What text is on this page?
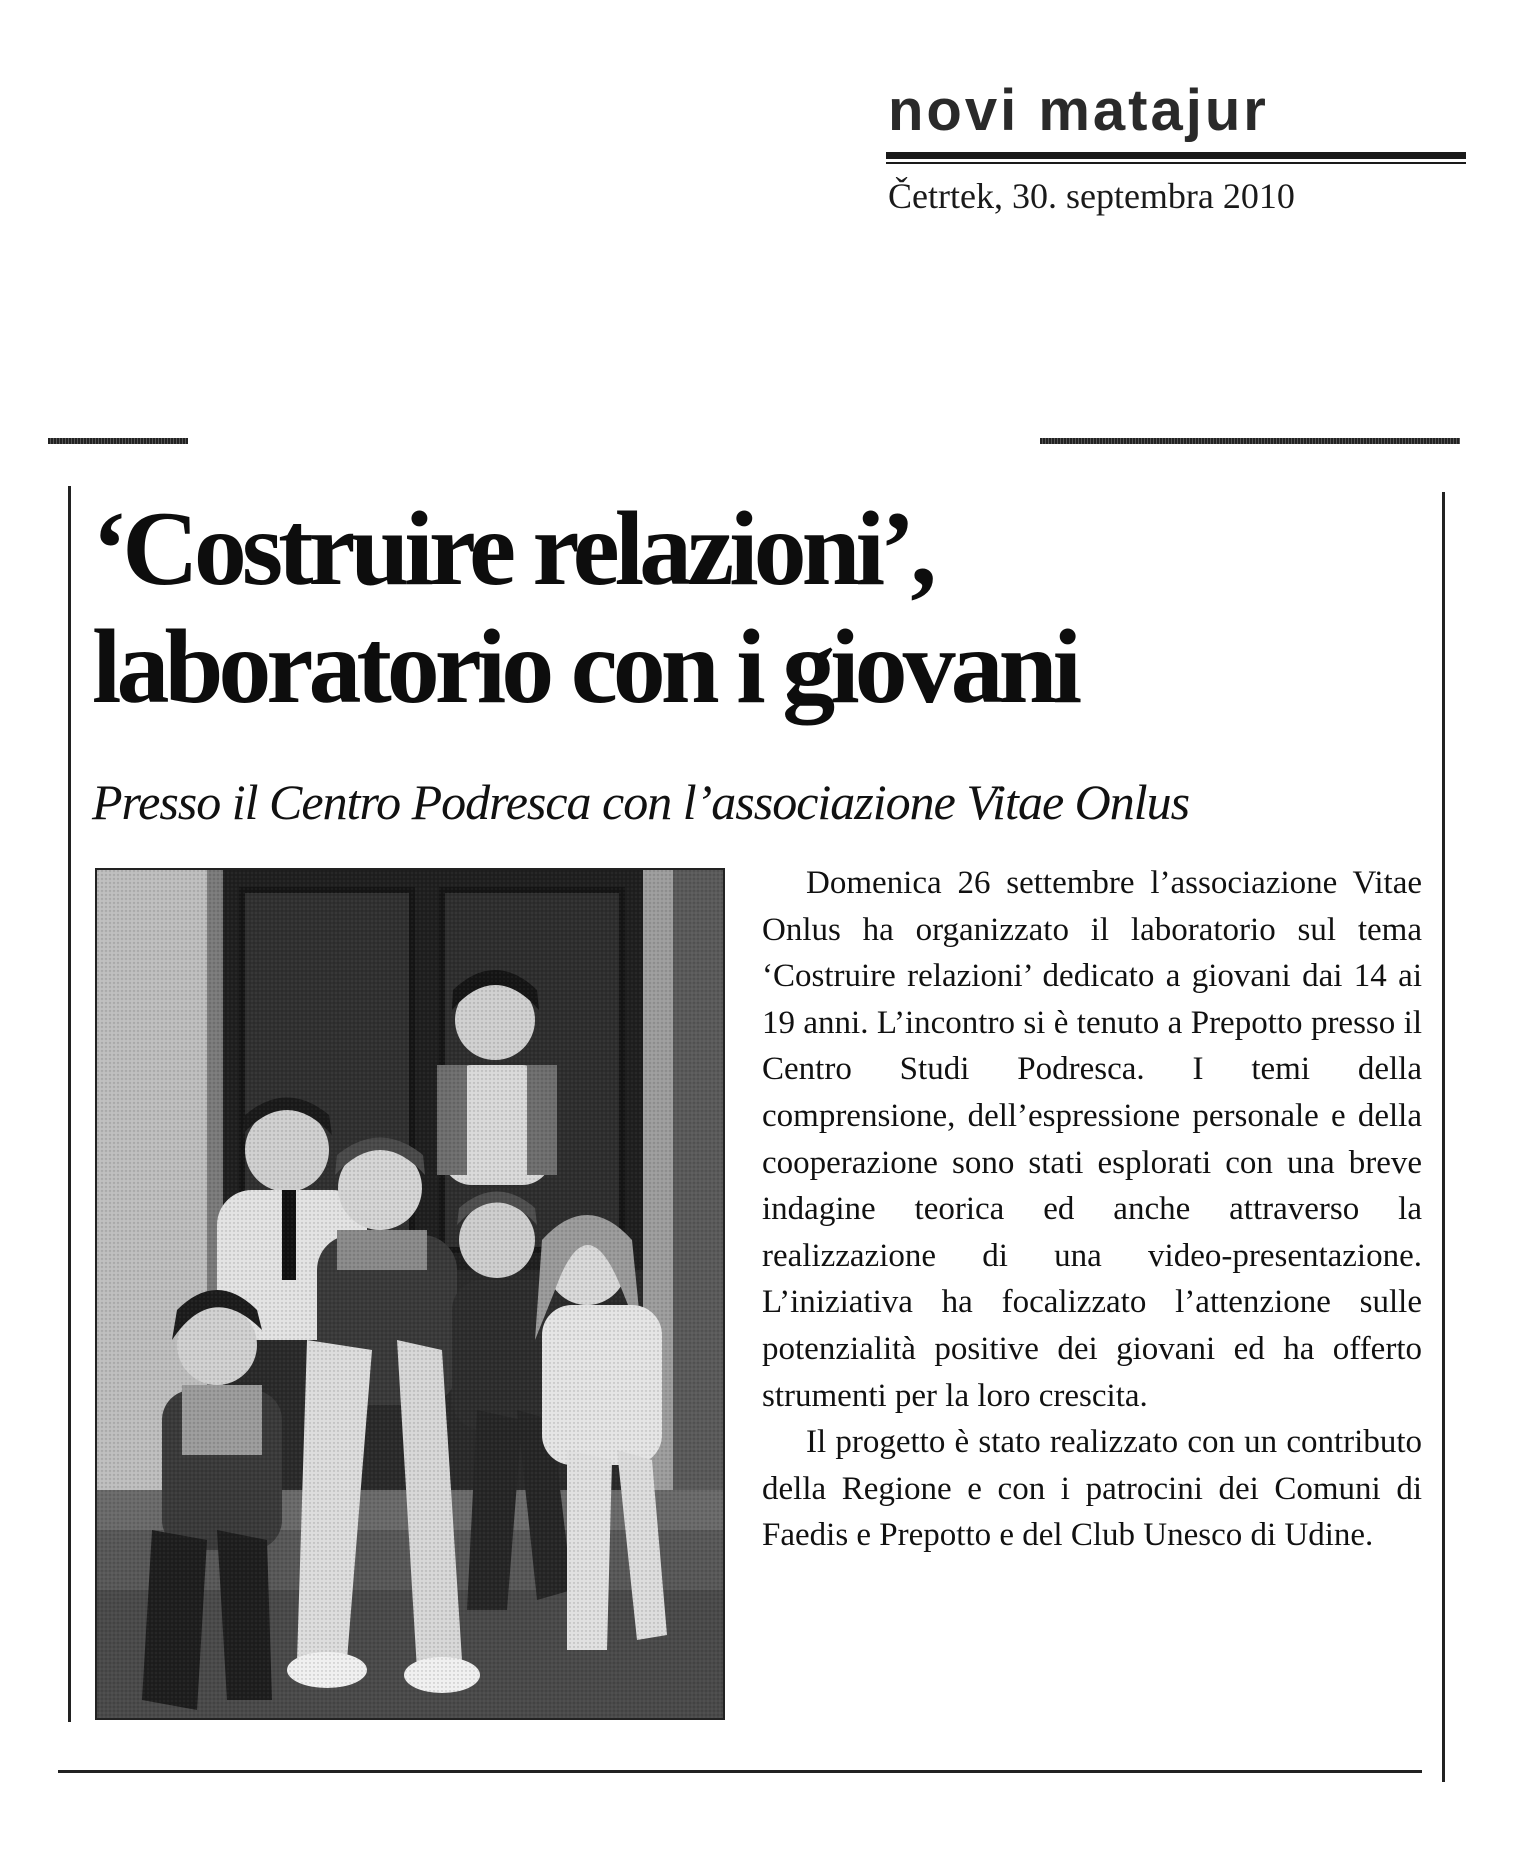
novi matajur
Četrtek, 30. septembra 2010
‘Costruire relazioni’,
laboratorio con i giovani
Presso il Centro Podresca con l’associazione Vitae Onlus

Domenica 26 settembre l’associazione Vitae Onlus ha organizzato il laboratorio sul tema ‘Costruire relazioni’ dedicato a giovani dai 14 ai 19 anni. L’incontro si è tenuto a Prepotto presso il Centro Studi Podresca. I temi della comprensione, dell’espressione personale e della cooperazione sono stati esplorati con una breve indagine teorica ed anche attraverso la realizzazione di una video-presentazione. L’iniziativa ha focalizzato l’attenzione sulle potenzialità positive dei giovani ed ha offerto strumenti per la loro crescita.

Il progetto è stato realizzato con un contributo della Regione e con i patrocini dei Comuni di Faedis e Prepotto e del Club Unesco di Udine.
